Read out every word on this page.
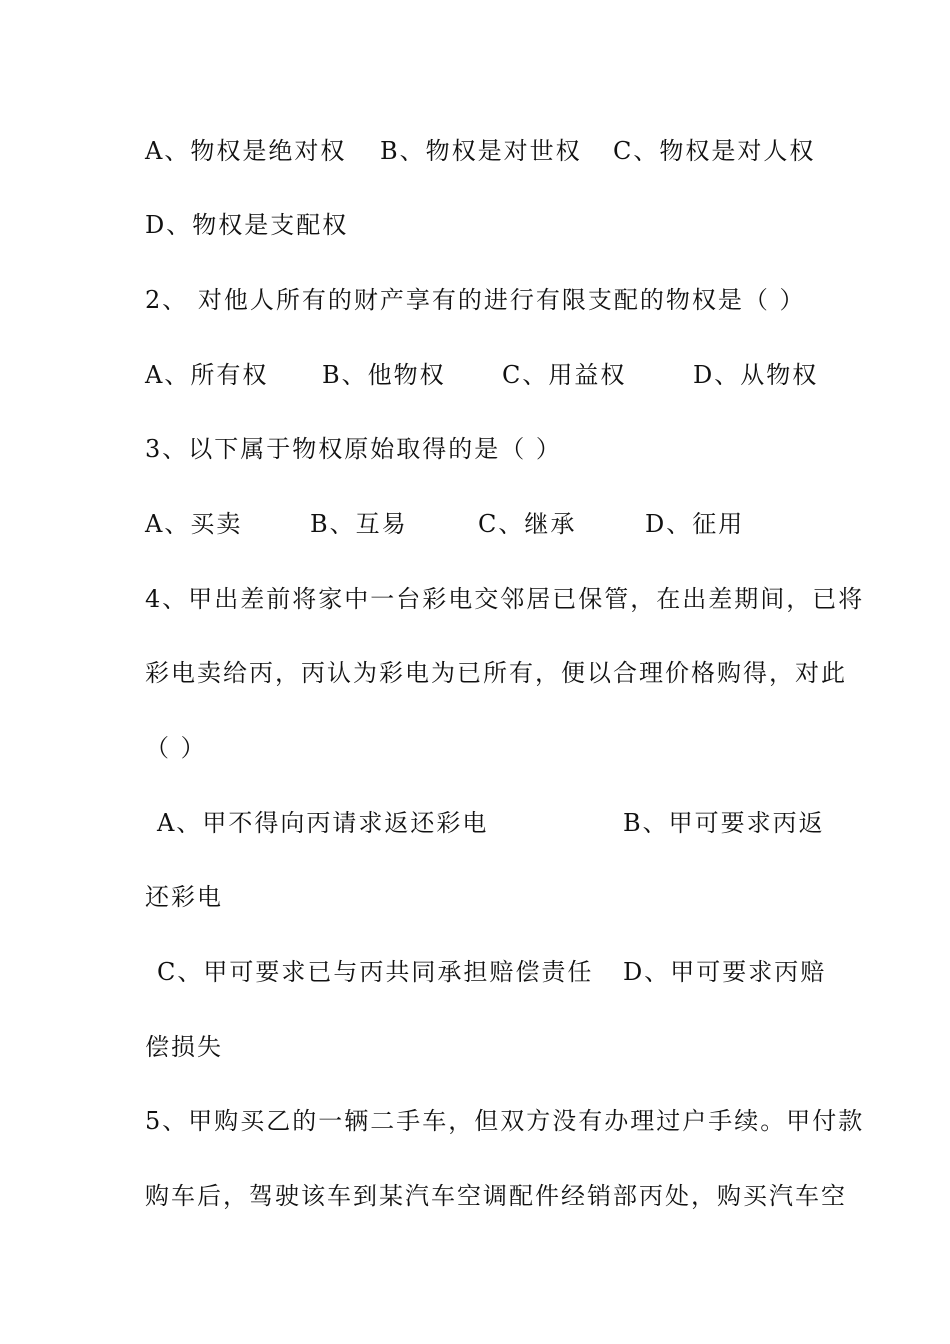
A、物权是绝对权 B、物权是对世权 C、物权是对人权
D、物权是支配权
2、 对他人所有的财产享有的进行有限支配的物权是（ ）
A、所有权 B、他物权 C、用益权	D、从物权
3、以下属于物权原始取得的是（ ）
A、买卖	B、互易	C、继承	D、征用
4、甲出差前将家中一台彩电交邻居已保管，在出差期间，已将
彩电卖给丙，丙认为彩电为已所有，便以合理价格购得，对此
（ ）
A、甲不得向丙请求返还彩电	B、甲可要求丙返
还彩电
C、甲可要求已与丙共同承担赔偿责任 D、甲可要求丙赔
偿损失
5、甲购买乙的一辆二手车，但双方没有办理过户手续。甲付款
购车后，驾驶该车到某汽车空调配件经销部丙处，购买汽车空
